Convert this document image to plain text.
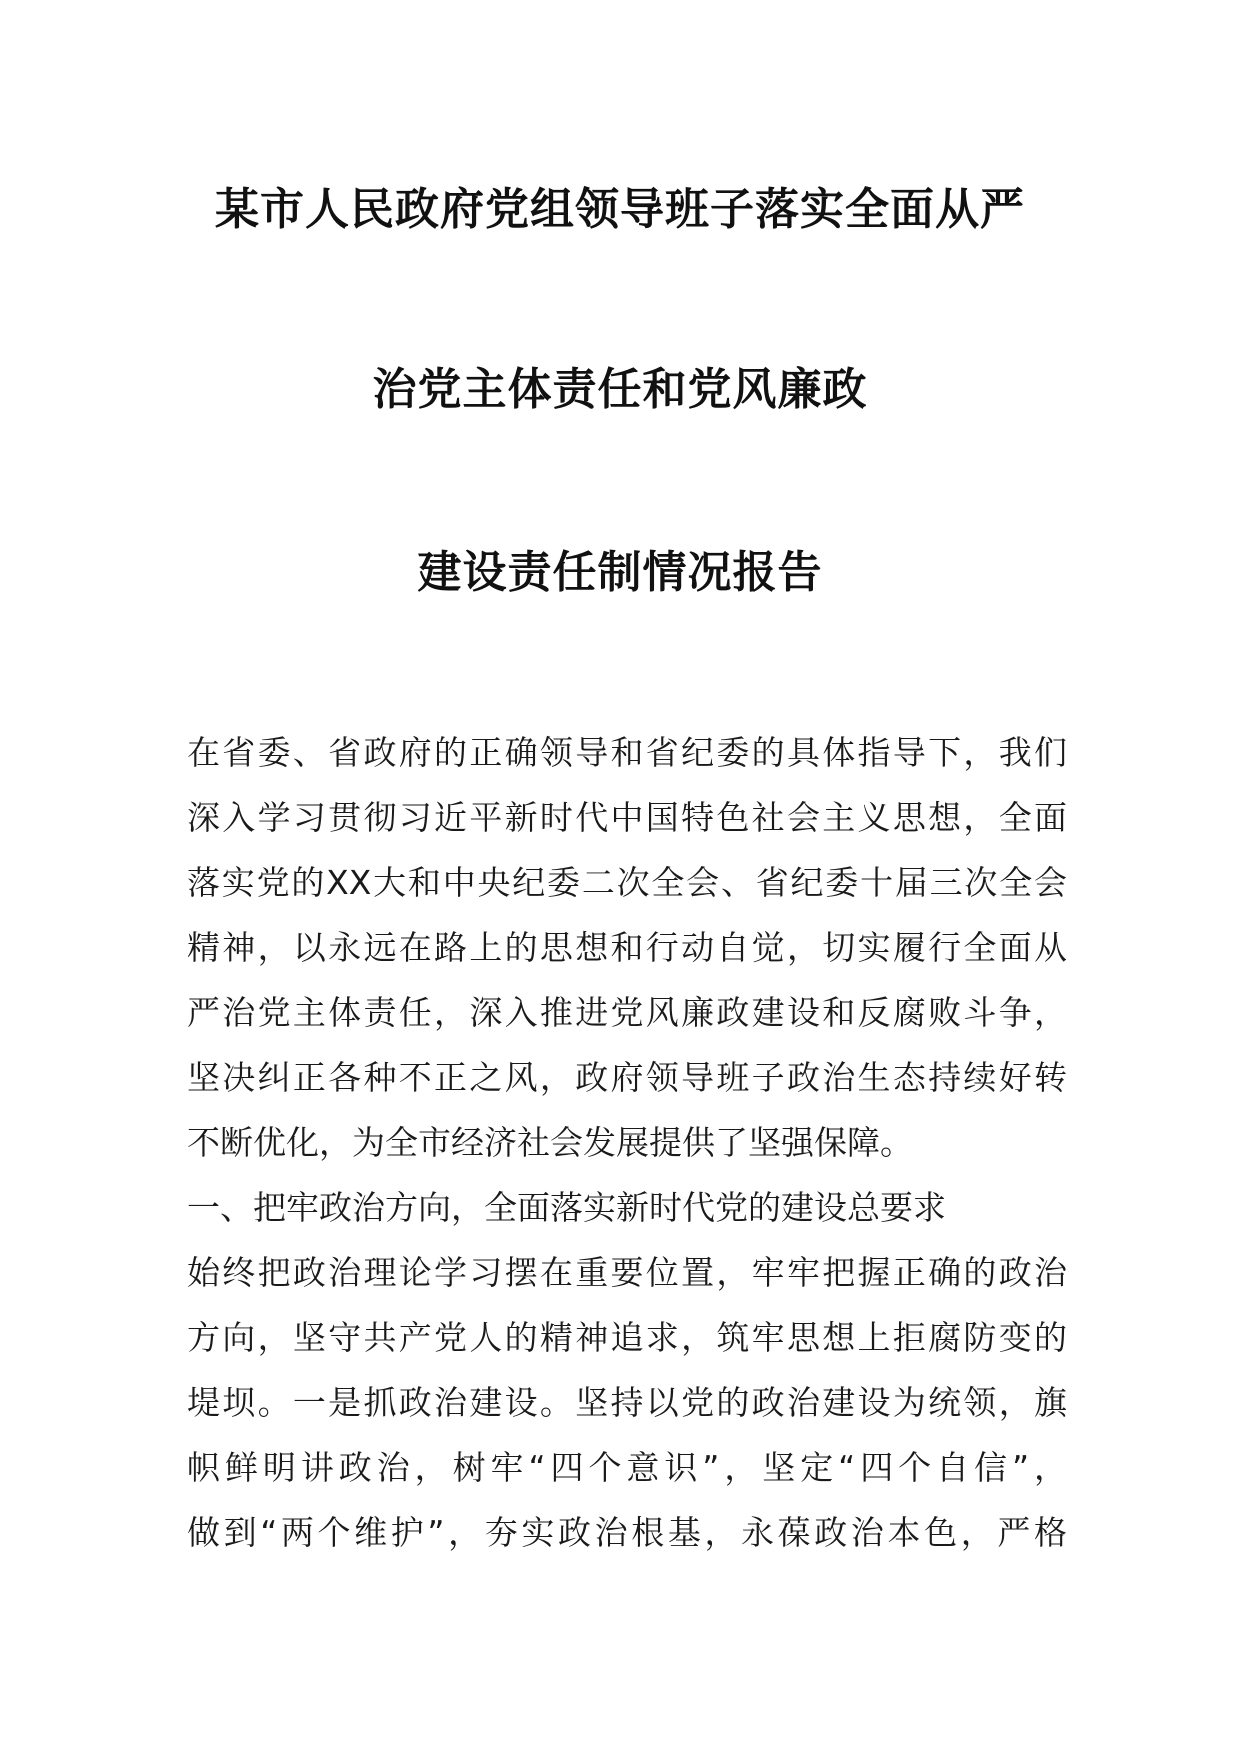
某市人民政府党组领导班子落实全面从严
治党主体责任和党风廉政
建设责任制情况报告
在省委、省政府的正确领导和省纪委的具体指导下，我们
深入学习贯彻习近平新时代中国特色社会主义思想，全面
落实党的XX大和中央纪委二次全会、省纪委十届三次全会
精神，以永远在路上的思想和行动自觉，切实履行全面从
严治党主体责任，深入推进党风廉政建设和反腐败斗争，
坚决纠正各种不正之风，政府领导班子政治生态持续好转
不断优化，为全市经济社会发展提供了坚强保障。
一、把牢政治方向，全面落实新时代党的建设总要求
始终把政治理论学习摆在重要位置，牢牢把握正确的政治
方向，坚守共产党人的精神追求，筑牢思想上拒腐防变的
堤坝。一是抓政治建设。坚持以党的政治建设为统领，旗
帜鲜明讲政治，树牢“四个意识”，坚定“四个自信”，
做到“两个维护”，夯实政治根基，永葆政治本色，严格
